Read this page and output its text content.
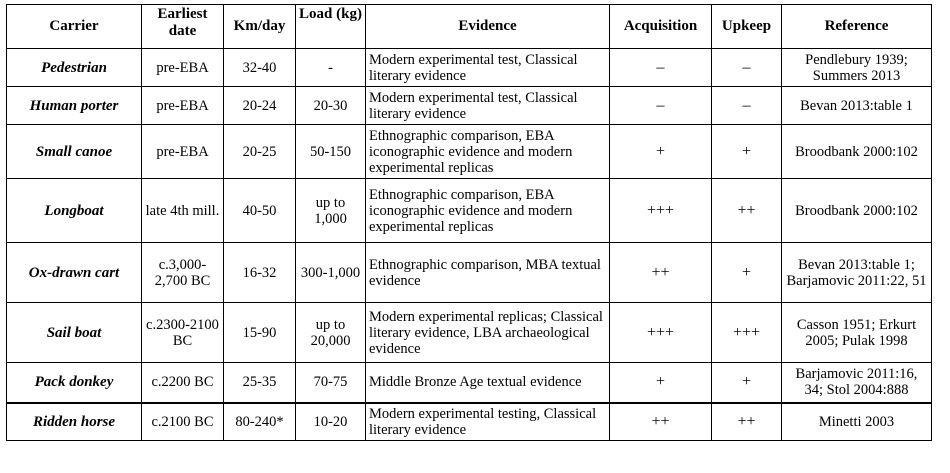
Carrier	Earliest date	Km/day	Load (kg)	Evidence	Acquisition	Upkeep	Reference
Pedestrian	pre-EBA	32-40	-	Modern experimental test, Classical literary evidence	–	–	Pendlebury 1939; Summers 2013
Human porter	pre-EBA	20-24	20-30	Modern experimental test, Classical literary evidence	–	–	Bevan 2013:table 1
Small canoe	pre-EBA	20-25	50-150	Ethnographic comparison, EBA iconographic evidence and modern experimental replicas	+	+	Broodbank 2000:102
Longboat	late 4th mill.	40-50	up to 1,000	Ethnographic comparison, EBA iconographic evidence and modern experimental replicas	+++	++	Broodbank 2000:102
Ox-drawn cart	c.3,000-2,700 BC	16-32	300-1,000	Ethnographic comparison, MBA textual evidence	++	+	Bevan 2013:table 1; Barjamovic 2011:22, 51
Sail boat	c.2300-2100 BC	15-90	up to 20,000	Modern experimental replicas; Classical literary evidence, LBA archaeological evidence	+++	+++	Casson 1951; Erkurt 2005; Pulak 1998
Pack donkey	c.2200 BC	25-35	70-75	Middle Bronze Age textual evidence	+	+	Barjamovic 2011:16, 34; Stol 2004:888
Ridden horse	c.2100 BC	80-240*	10-20	Modern experimental testing, Classical literary evidence	++	++	Minetti 2003
